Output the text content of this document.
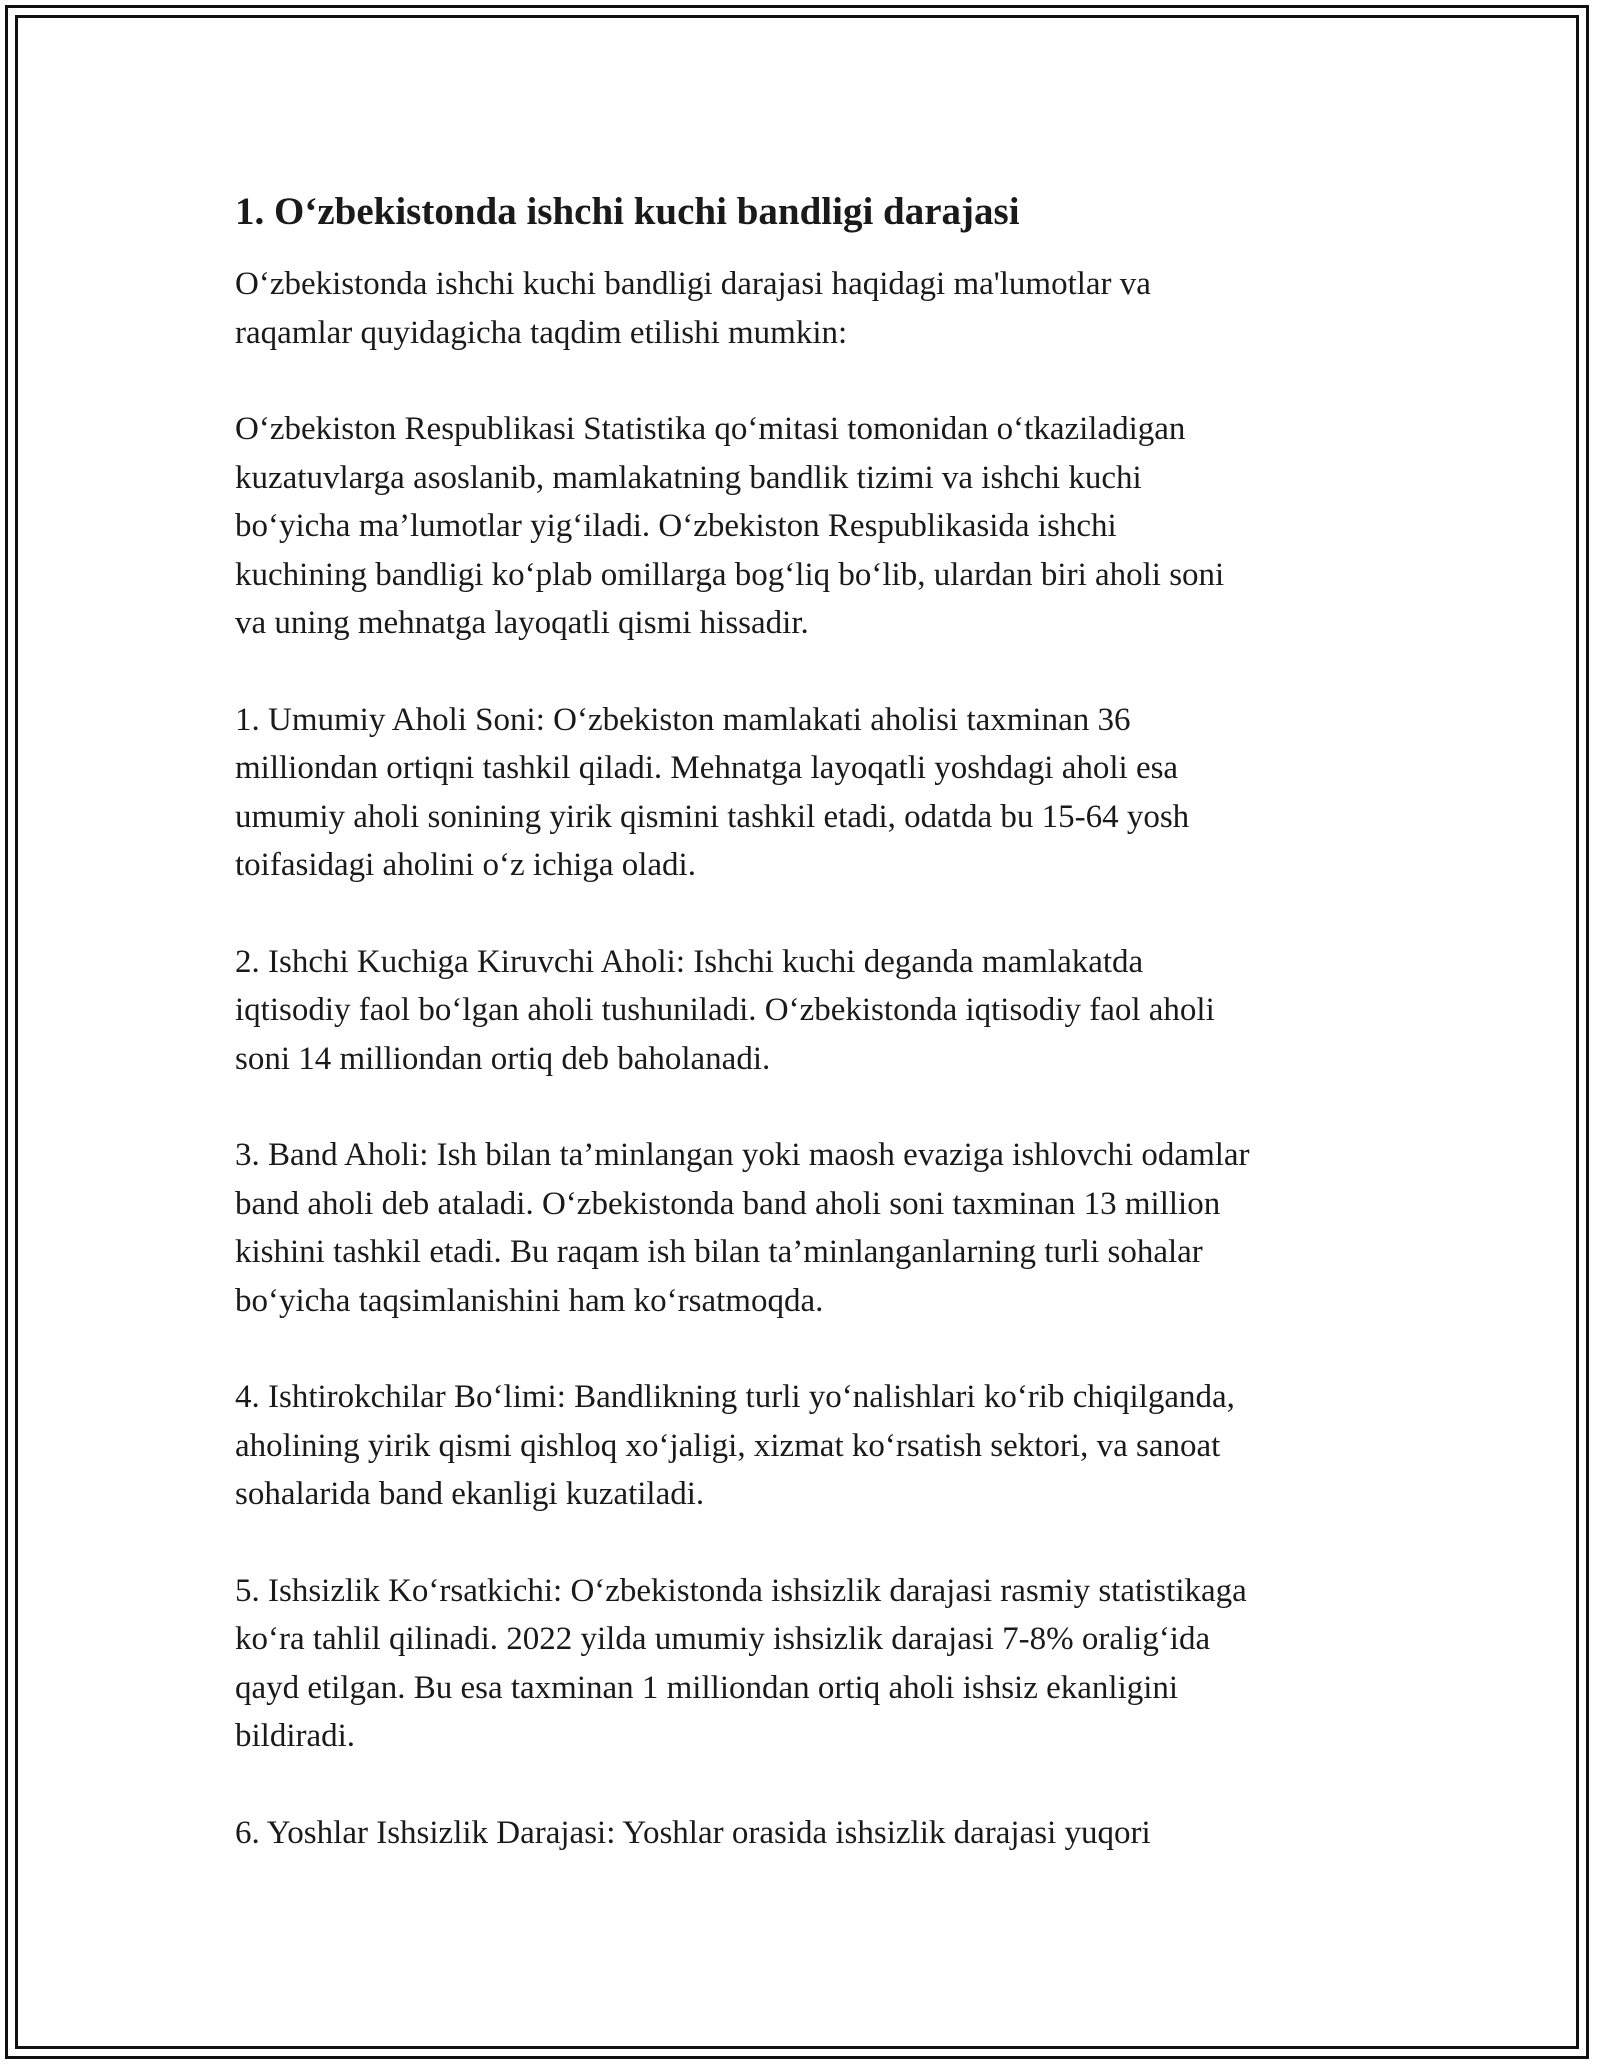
1. O‘zbekistonda ishchi kuchi bandligi darajasi

O‘zbekistonda ishchi kuchi bandligi darajasi haqidagi ma'lumotlar va
raqamlar quyidagicha taqdim etilishi mumkin:

O‘zbekiston Respublikasi Statistika qo‘mitasi tomonidan o‘tkaziladigan
kuzatuvlarga asoslanib, mamlakatning bandlik tizimi va ishchi kuchi
bo‘yicha ma’lumotlar yig‘iladi. O‘zbekiston Respublikasida ishchi
kuchining bandligi ko‘plab omillarga bog‘liq bo‘lib, ulardan biri aholi soni
va uning mehnatga layoqatli qismi hissadir.

1. Umumiy Aholi Soni: O‘zbekiston mamlakati aholisi taxminan 36
milliondan ortiqni tashkil qiladi. Mehnatga layoqatli yoshdagi aholi esa
umumiy aholi sonining yirik qismini tashkil etadi, odatda bu 15-64 yosh
toifasidagi aholini o‘z ichiga oladi.

2. Ishchi Kuchiga Kiruvchi Aholi: Ishchi kuchi deganda mamlakatda
iqtisodiy faol bo‘lgan aholi tushuniladi. O‘zbekistonda iqtisodiy faol aholi
soni 14 milliondan ortiq deb baholanadi.

3. Band Aholi: Ish bilan ta’minlangan yoki maosh evaziga ishlovchi odamlar
band aholi deb ataladi. O‘zbekistonda band aholi soni taxminan 13 million
kishini tashkil etadi. Bu raqam ish bilan ta’minlanganlarning turli sohalar
bo‘yicha taqsimlanishini ham ko‘rsatmoqda.

4. Ishtirokchilar Bo‘limi: Bandlikning turli yo‘nalishlari ko‘rib chiqilganda,
aholining yirik qismi qishloq xo‘jaligi, xizmat ko‘rsatish sektori, va sanoat
sohalarida band ekanligi kuzatiladi.

5. Ishsizlik Ko‘rsatkichi: O‘zbekistonda ishsizlik darajasi rasmiy statistikaga
ko‘ra tahlil qilinadi. 2022 yilda umumiy ishsizlik darajasi 7-8% oralig‘ida
qayd etilgan. Bu esa taxminan 1 milliondan ortiq aholi ishsiz ekanligini
bildiradi.

6. Yoshlar Ishsizlik Darajasi: Yoshlar orasida ishsizlik darajasi yuqori
